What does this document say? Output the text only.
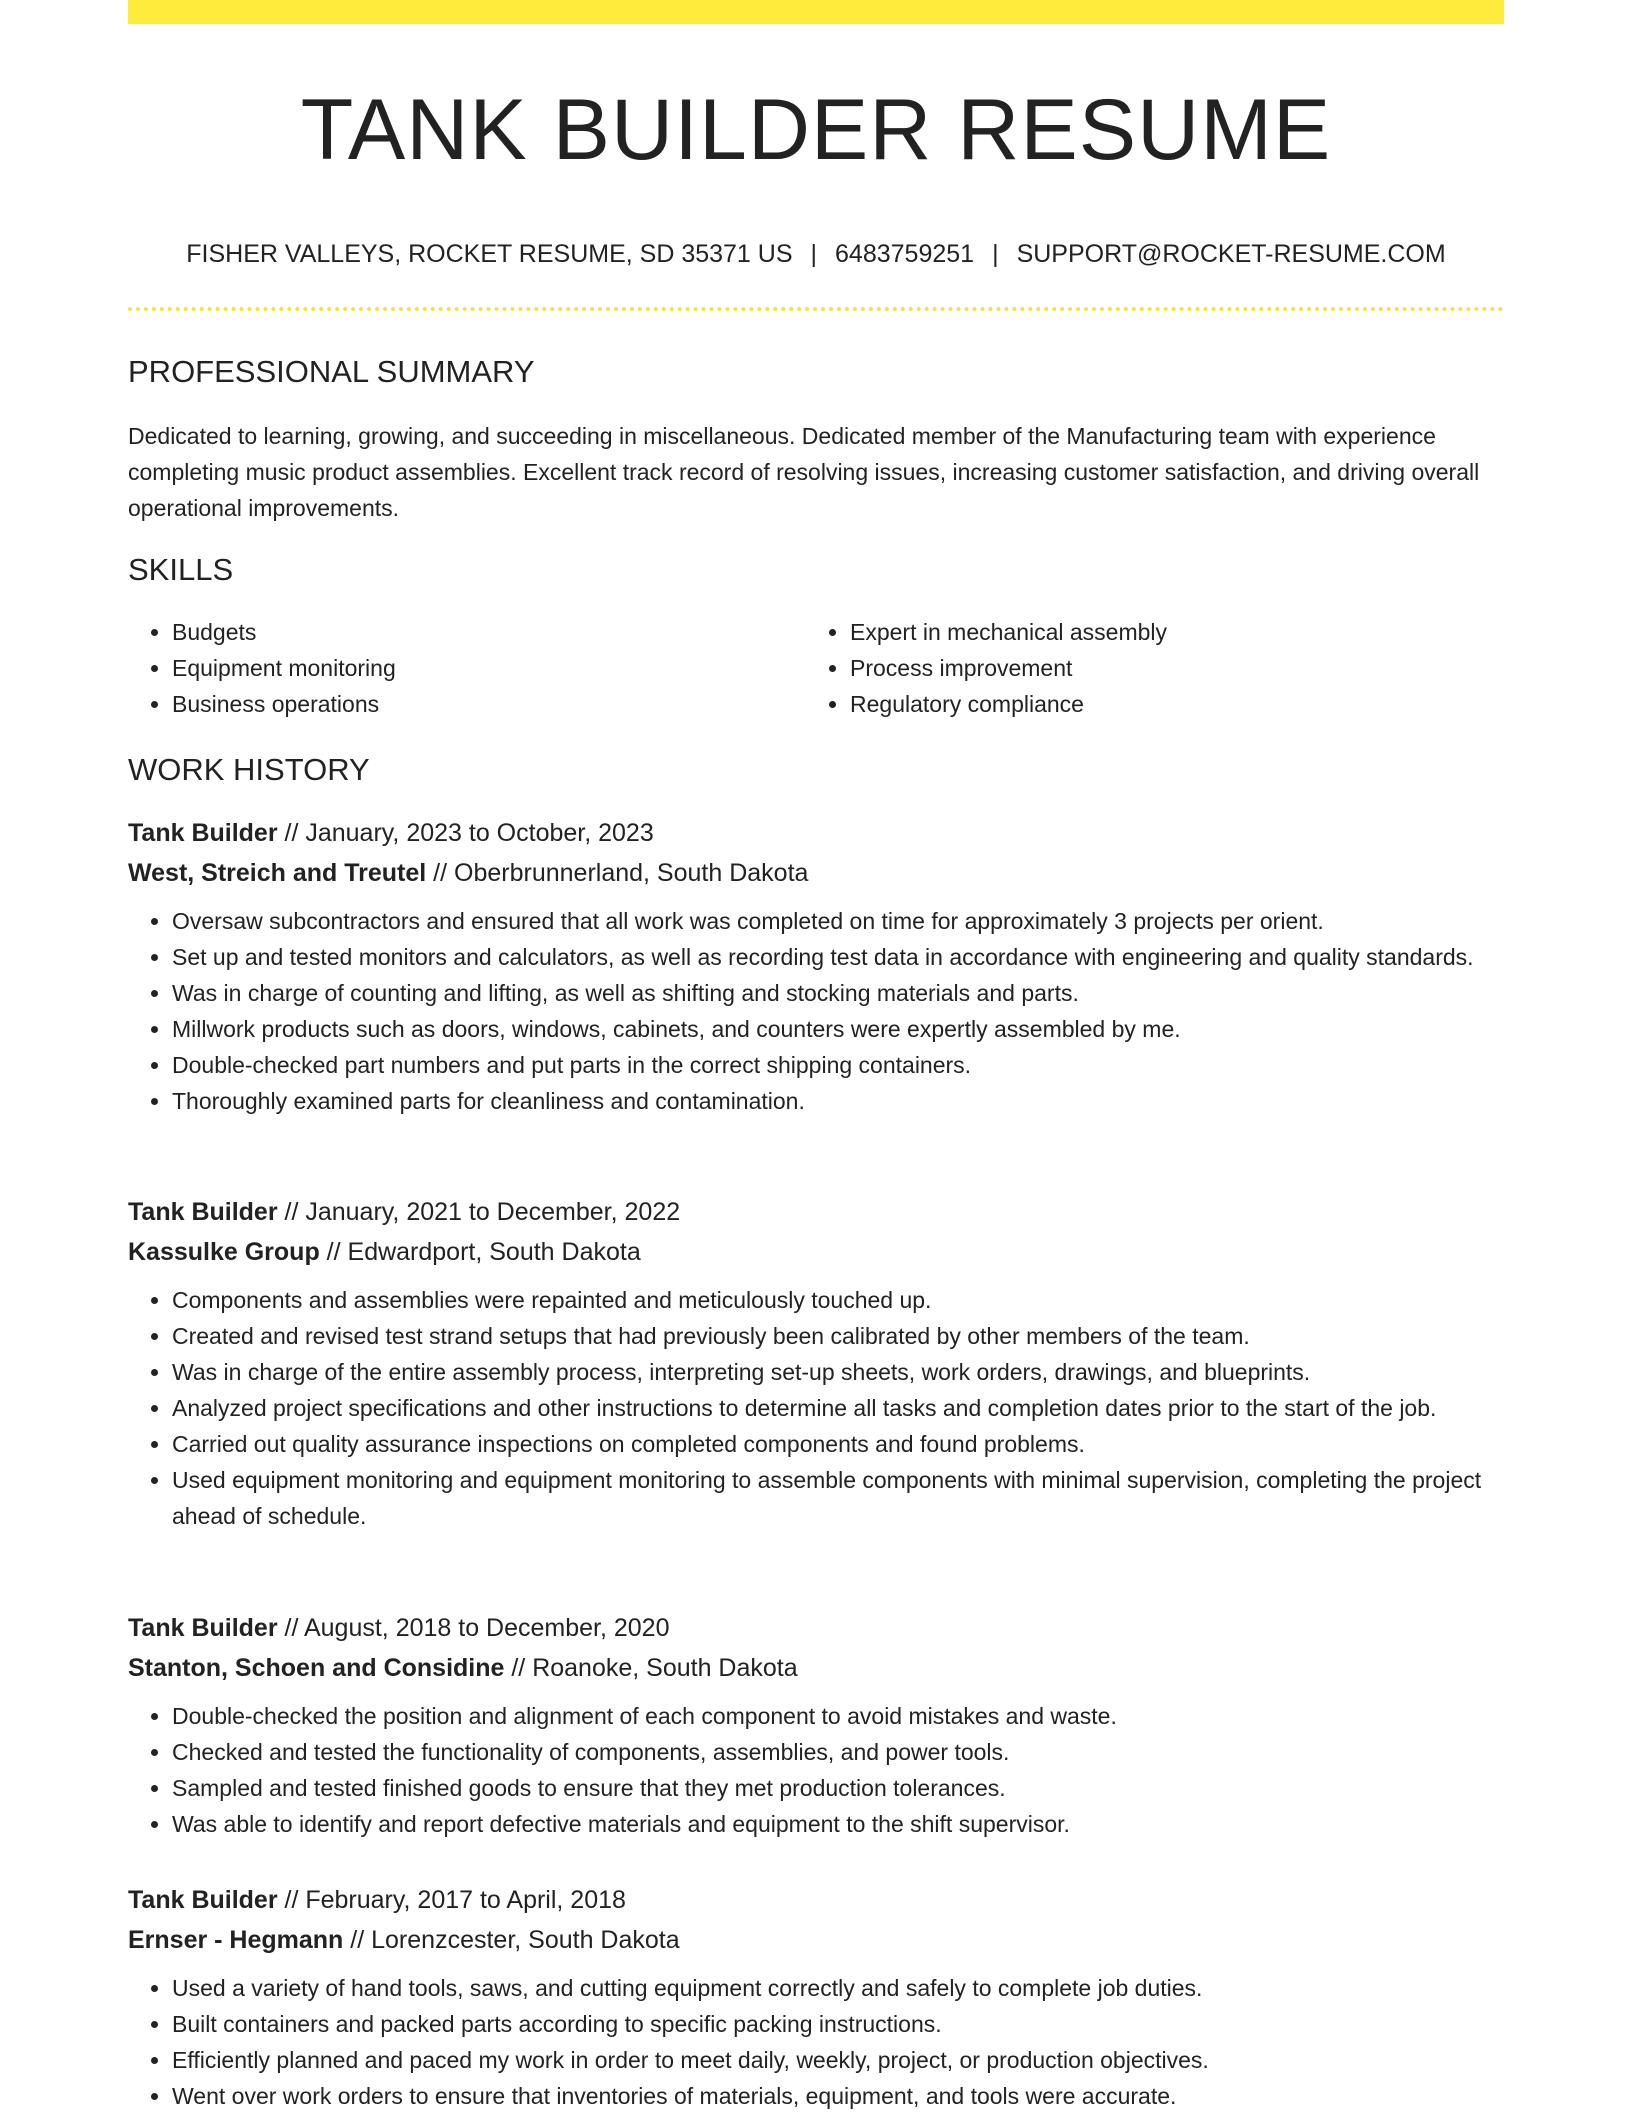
TANK BUILDER RESUME
FISHER VALLEYS, ROCKET RESUME, SD 35371 US | 6483759251 | SUPPORT@ROCKET-RESUME.COM
PROFESSIONAL SUMMARY

Dedicated to learning, growing, and succeeding in miscellaneous. Dedicated member of the Manufacturing team with experience completing music product assemblies. Excellent track record of resolving issues, increasing customer satisfaction, and driving overall operational improvements.

SKILLS
• Budgets
• Equipment monitoring
• Business operations
• Expert in mechanical assembly
• Process improvement
• Regulatory compliance
WORK HISTORY
Tank Builder // January, 2023 to October, 2023
West, Streich and Treutel // Oberbrunnerland, South Dakota
• Oversaw subcontractors and ensured that all work was completed on time for approximately 3 projects per orient.
• Set up and tested monitors and calculators, as well as recording test data in accordance with engineering and quality standards.
• Was in charge of counting and lifting, as well as shifting and stocking materials and parts.
• Millwork products such as doors, windows, cabinets, and counters were expertly assembled by me.
• Double-checked part numbers and put parts in the correct shipping containers.
• Thoroughly examined parts for cleanliness and contamination.
Tank Builder // January, 2021 to December, 2022
Kassulke Group // Edwardport, South Dakota
• Components and assemblies were repainted and meticulously touched up.
• Created and revised test strand setups that had previously been calibrated by other members of the team.
• Was in charge of the entire assembly process, interpreting set-up sheets, work orders, drawings, and blueprints.
• Analyzed project specifications and other instructions to determine all tasks and completion dates prior to the start of the job.
• Carried out quality assurance inspections on completed components and found problems.
• Used equipment monitoring and equipment monitoring to assemble components with minimal supervision, completing the project ahead of schedule.
Tank Builder // August, 2018 to December, 2020
Stanton, Schoen and Considine // Roanoke, South Dakota
• Double-checked the position and alignment of each component to avoid mistakes and waste.
• Checked and tested the functionality of components, assemblies, and power tools.
• Sampled and tested finished goods to ensure that they met production tolerances.
• Was able to identify and report defective materials and equipment to the shift supervisor.
Tank Builder // February, 2017 to April, 2018
Ernser - Hegmann // Lorenzcester, South Dakota
• Used a variety of hand tools, saws, and cutting equipment correctly and safely to complete job duties.
• Built containers and packed parts according to specific packing instructions.
• Efficiently planned and paced my work in order to meet daily, weekly, project, or production objectives.
• Went over work orders to ensure that inventories of materials, equipment, and tools were accurate.
